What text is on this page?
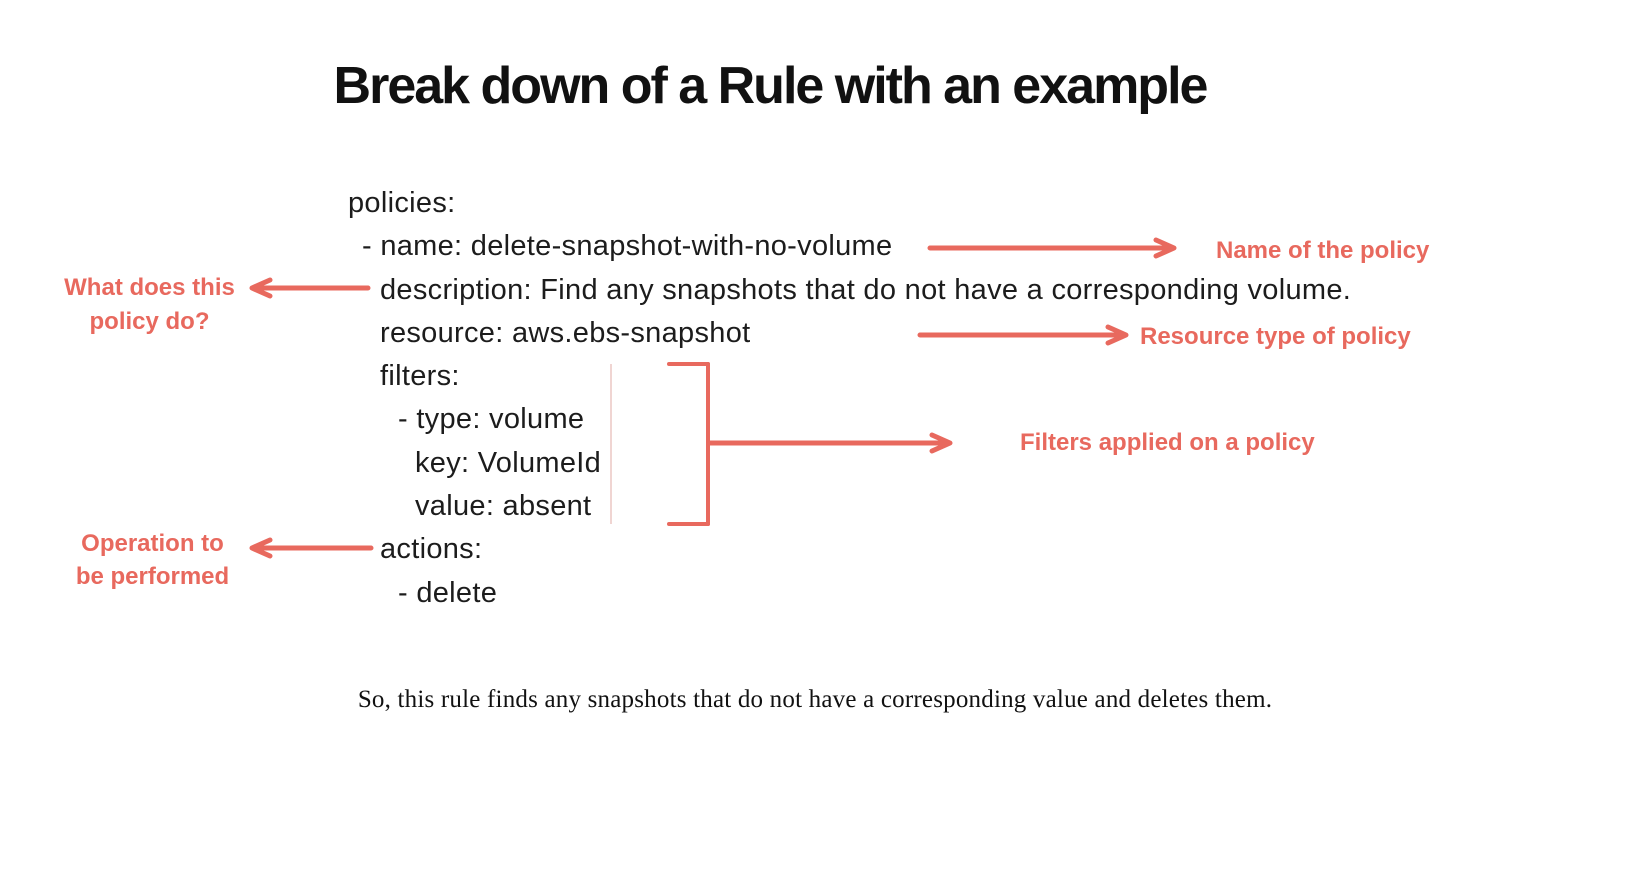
Break down of a Rule with an example
policies:
- name: delete-snapshot-with-no-volume
description: Find any snapshots that do not have a corresponding volume.
resource: aws.ebs-snapshot
filters:
- type: volume
key: VolumeId
value: absent
actions:
- delete
Name of the policy
What does this
policy do?
Resource type of policy
Filters applied on a policy
Operation to
be performed
So, this rule finds any snapshots that do not have a corresponding value and deletes them.
